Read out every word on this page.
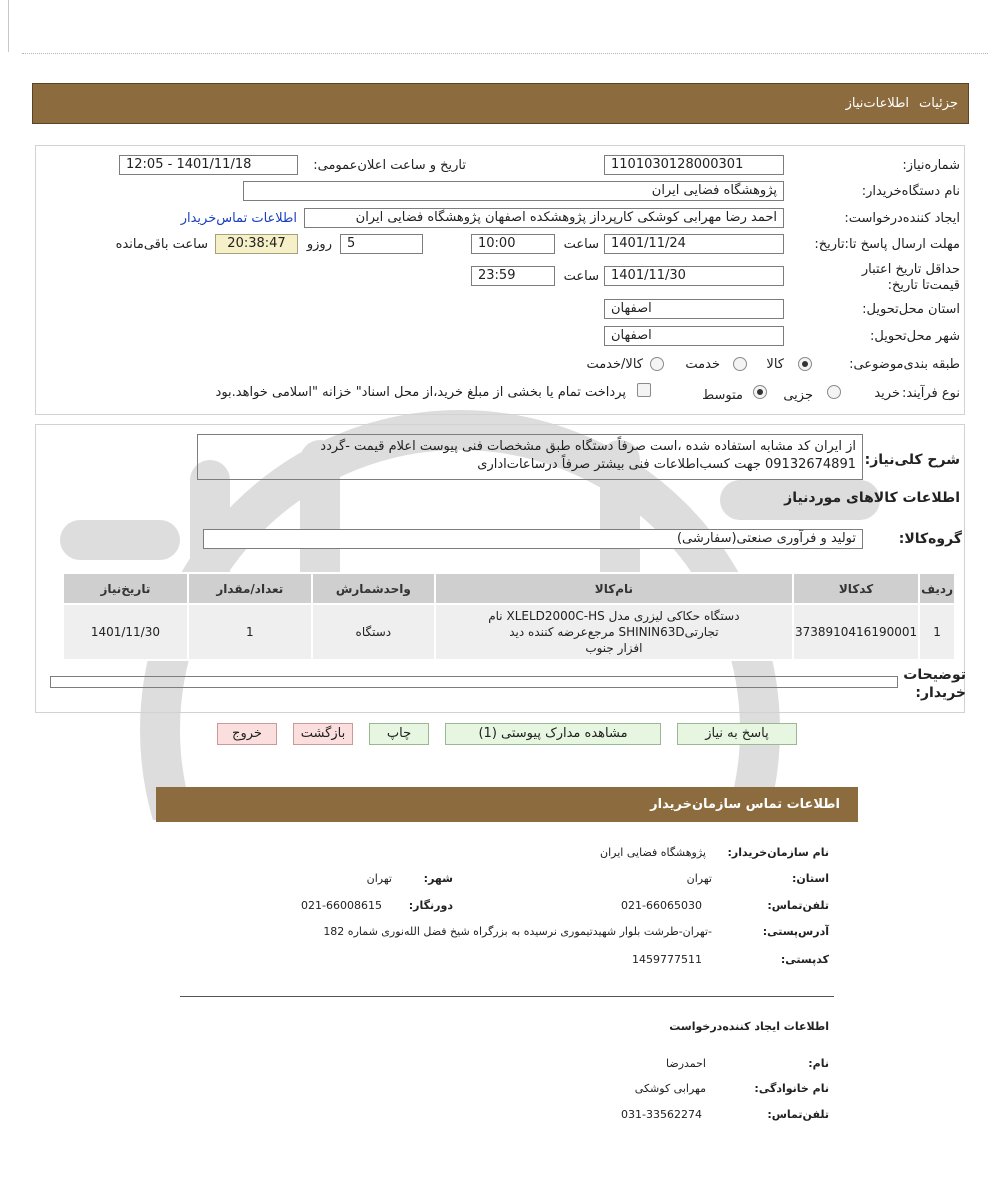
جزئیات
اطلاعات‌نیاز
شماره‌نیاز:
1101030128000301
تاریخ و ساعت اعلان‌عمومی:
1401/11/18 - 12:05
نام دستگاه‌خریدار:
پژوهشگاه فضایی ایران
ایجاد کننده‌درخواست:
احمد رضا مهرابی کوشکی کارپرداز پژوهشکده اصفهان پژوهشگاه فضایی ایران
اطلاعات تماس‌خریدار
مهلت ارسال پاسخ تا:تاریخ:
1401/11/24
ساعت
10:00
5
روزو
20:38:47
ساعت باقی‌مانده
حداقل تاریخ اعتبار قیمت‌تا تاریخ:
1401/11/30
ساعت
23:59
استان محل‌تحویل:
اصفهان
شهر محل‌تحویل:
اصفهان
طبقه بندی‌موضوعی:
کالا
خدمت
کالا/خدمت
نوع فرآیند:
خرید
جزیی
متوسط
پرداخت تمام یا بخشی از مبلغ خرید،از محل اسناد" خزانه "اسلامی خواهد.بود
شرح کلی‌نیاز:
از ایران کد مشابه استفاده شده ،است صرفاً دستگاه طبق مشخصات فنی پیوست اعلام قیمت -گردد
09132674891 جهت کسب‌اطلاعات فنی بیشتر صرفاً درساعات‌اداری
اطلاعات کالاهای موردنیاز
گروه‌کالا:
تولید و فرآوری صنعتی(سفارشی)
ردیف	کدکالا	نام‌کالا	واحدشمارش	تعداد/مقدار	تاریخ‌نیاز
1	3738910416190001	دستگاه حکاکی لیزری مدل XLELD2000C-HS نام
تجارتیSHININ63D مرجع‌عرضه کننده دید
افزار جنوب	دستگاه	1	1401/11/30
توضیحات خریدار:
پاسخ به نیاز
مشاهده مدارک پیوستی (1)
چاپ
بازگشت
خروج
اطلاعات تماس سازمان‌خریدار
نام سازمان‌خریدار:
پژوهشگاه فضایی ایران
استان:
تهران
شهر:
تهران
تلفن‌تماس:
021-66065030
دورنگار:
021-66008615
آدرس‌پستی:
-تهران-طرشت بلوار شهیدتیموری نرسیده به بزرگراه شیخ فضل الله‌نوری شماره 182
کدپستی:
1459777511
اطلاعات ایجاد کننده‌درخواست
نام:
احمد‌رضا
نام خانوادگی:
مهرابی کوشکی
تلفن‌تماس:
031-33562274
